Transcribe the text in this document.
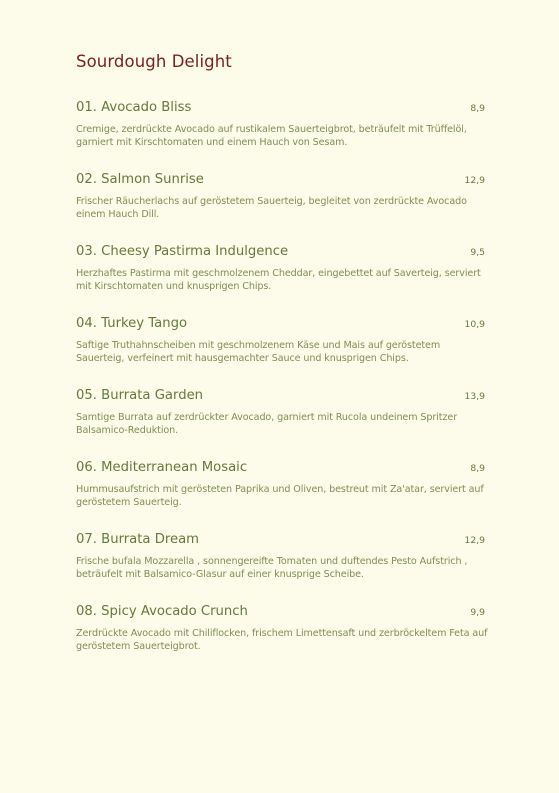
Sourdough Delight
01. Avocado Bliss	8,9
Cremige, zerdrückte Avocado auf rustikalem Sauerteigbrot, beträufelt mit Trüffelöl, garniert mit Kirschtomaten und einem Hauch von Sesam.
02. Salmon Sunrise	12,9
Frischer Räucherlachs auf geröstetem Sauerteig, begleitet von zerdrückte Avocado einem Hauch Dill.
03. Cheesy Pastirma Indulgence	9,5
Herzhaftes Pastirma mit geschmolzenem Cheddar, eingebettet auf Saverteig, serviert mit Kirschtomaten und knusprigen Chips.
04. Turkey Tango	10,9
Saftige Truthahnscheiben mit geschmolzenem Käse und Mais auf geröstetem Sauerteig, verfeinert mit hausgemachter Sauce und knusprigen Chips.
05. Burrata Garden	13,9
Samtige Burrata auf zerdrückter Avocado, garniert mit Rucola undeinem Spritzer Balsamico-Reduktion.
06. Mediterranean Mosaic	8,9
Hummusaufstrich mit gerösteten Paprika und Oliven, bestreut mit Za'atar, serviert auf geröstetem Sauerteig.
07. Burrata Dream	12,9
Frische bufala Mozzarella , sonnengereifte Tomaten und duftendes Pesto Aufstrich , beträufelt mit Balsamico-Glasur auf einer knusprige Scheibe.
08. Spicy Avocado Crunch	9,9
Zerdrückte Avocado mit Chiliflocken, frischem Limettensaft und zerbröckeltem Feta auf geröstetem Sauerteigbrot.
